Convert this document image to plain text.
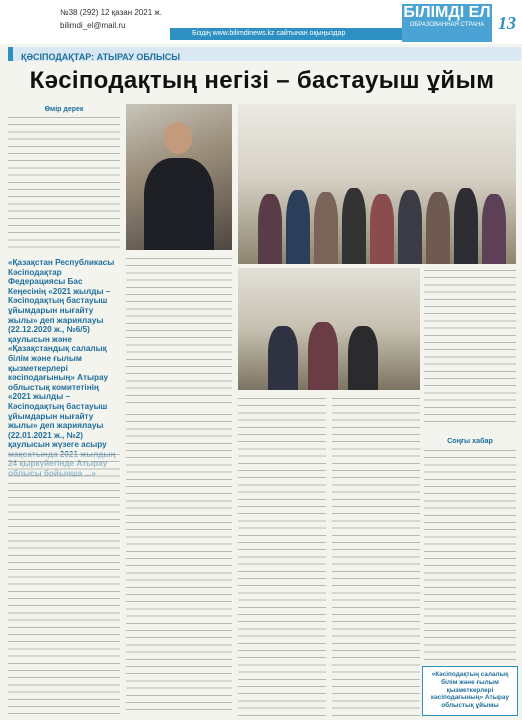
№38 (292) 12 қазан 2021 ж.
bilimdi_el@mail.ru
Біздің www.bilimdinews.kz сайтынан оқыңыздар
БІЛІМДІ ЕЛ
ОБРАЗОВАННАЯ СТРАНА 13
ҚӘСІПОДАҚТАР: АТЫРАУ ОБЛЫСЫ
Кәсіподақтың негізі – бастауыш ұйым
Өмір дерек
«Қазақстан Республикасы Кәсіподақтар Федерациясы Бас Кеңесінің «2021 жылды – Кәсіподақтың бастауыш ұйымдарын нығайту жылы» деп жариялауы (22.12.2020 ж., №6/5) қаулысын және «Қазақстандық салалық білім және ғылым қызметкерлері кәсіподағының» Атырау облыстық комитетінің «2021 жылды – Кәсіподақтың бастауыш ұйымдарын нығайту жылы» деп жариялауы (22.01.2021 ж., №2) қаулысын жүзеге асыру	Соңғы хабар
«Кәсіподақтың салалық білім және ғылым қызметкерлері кәсіподағының» Атырау облыстық ұйымы
